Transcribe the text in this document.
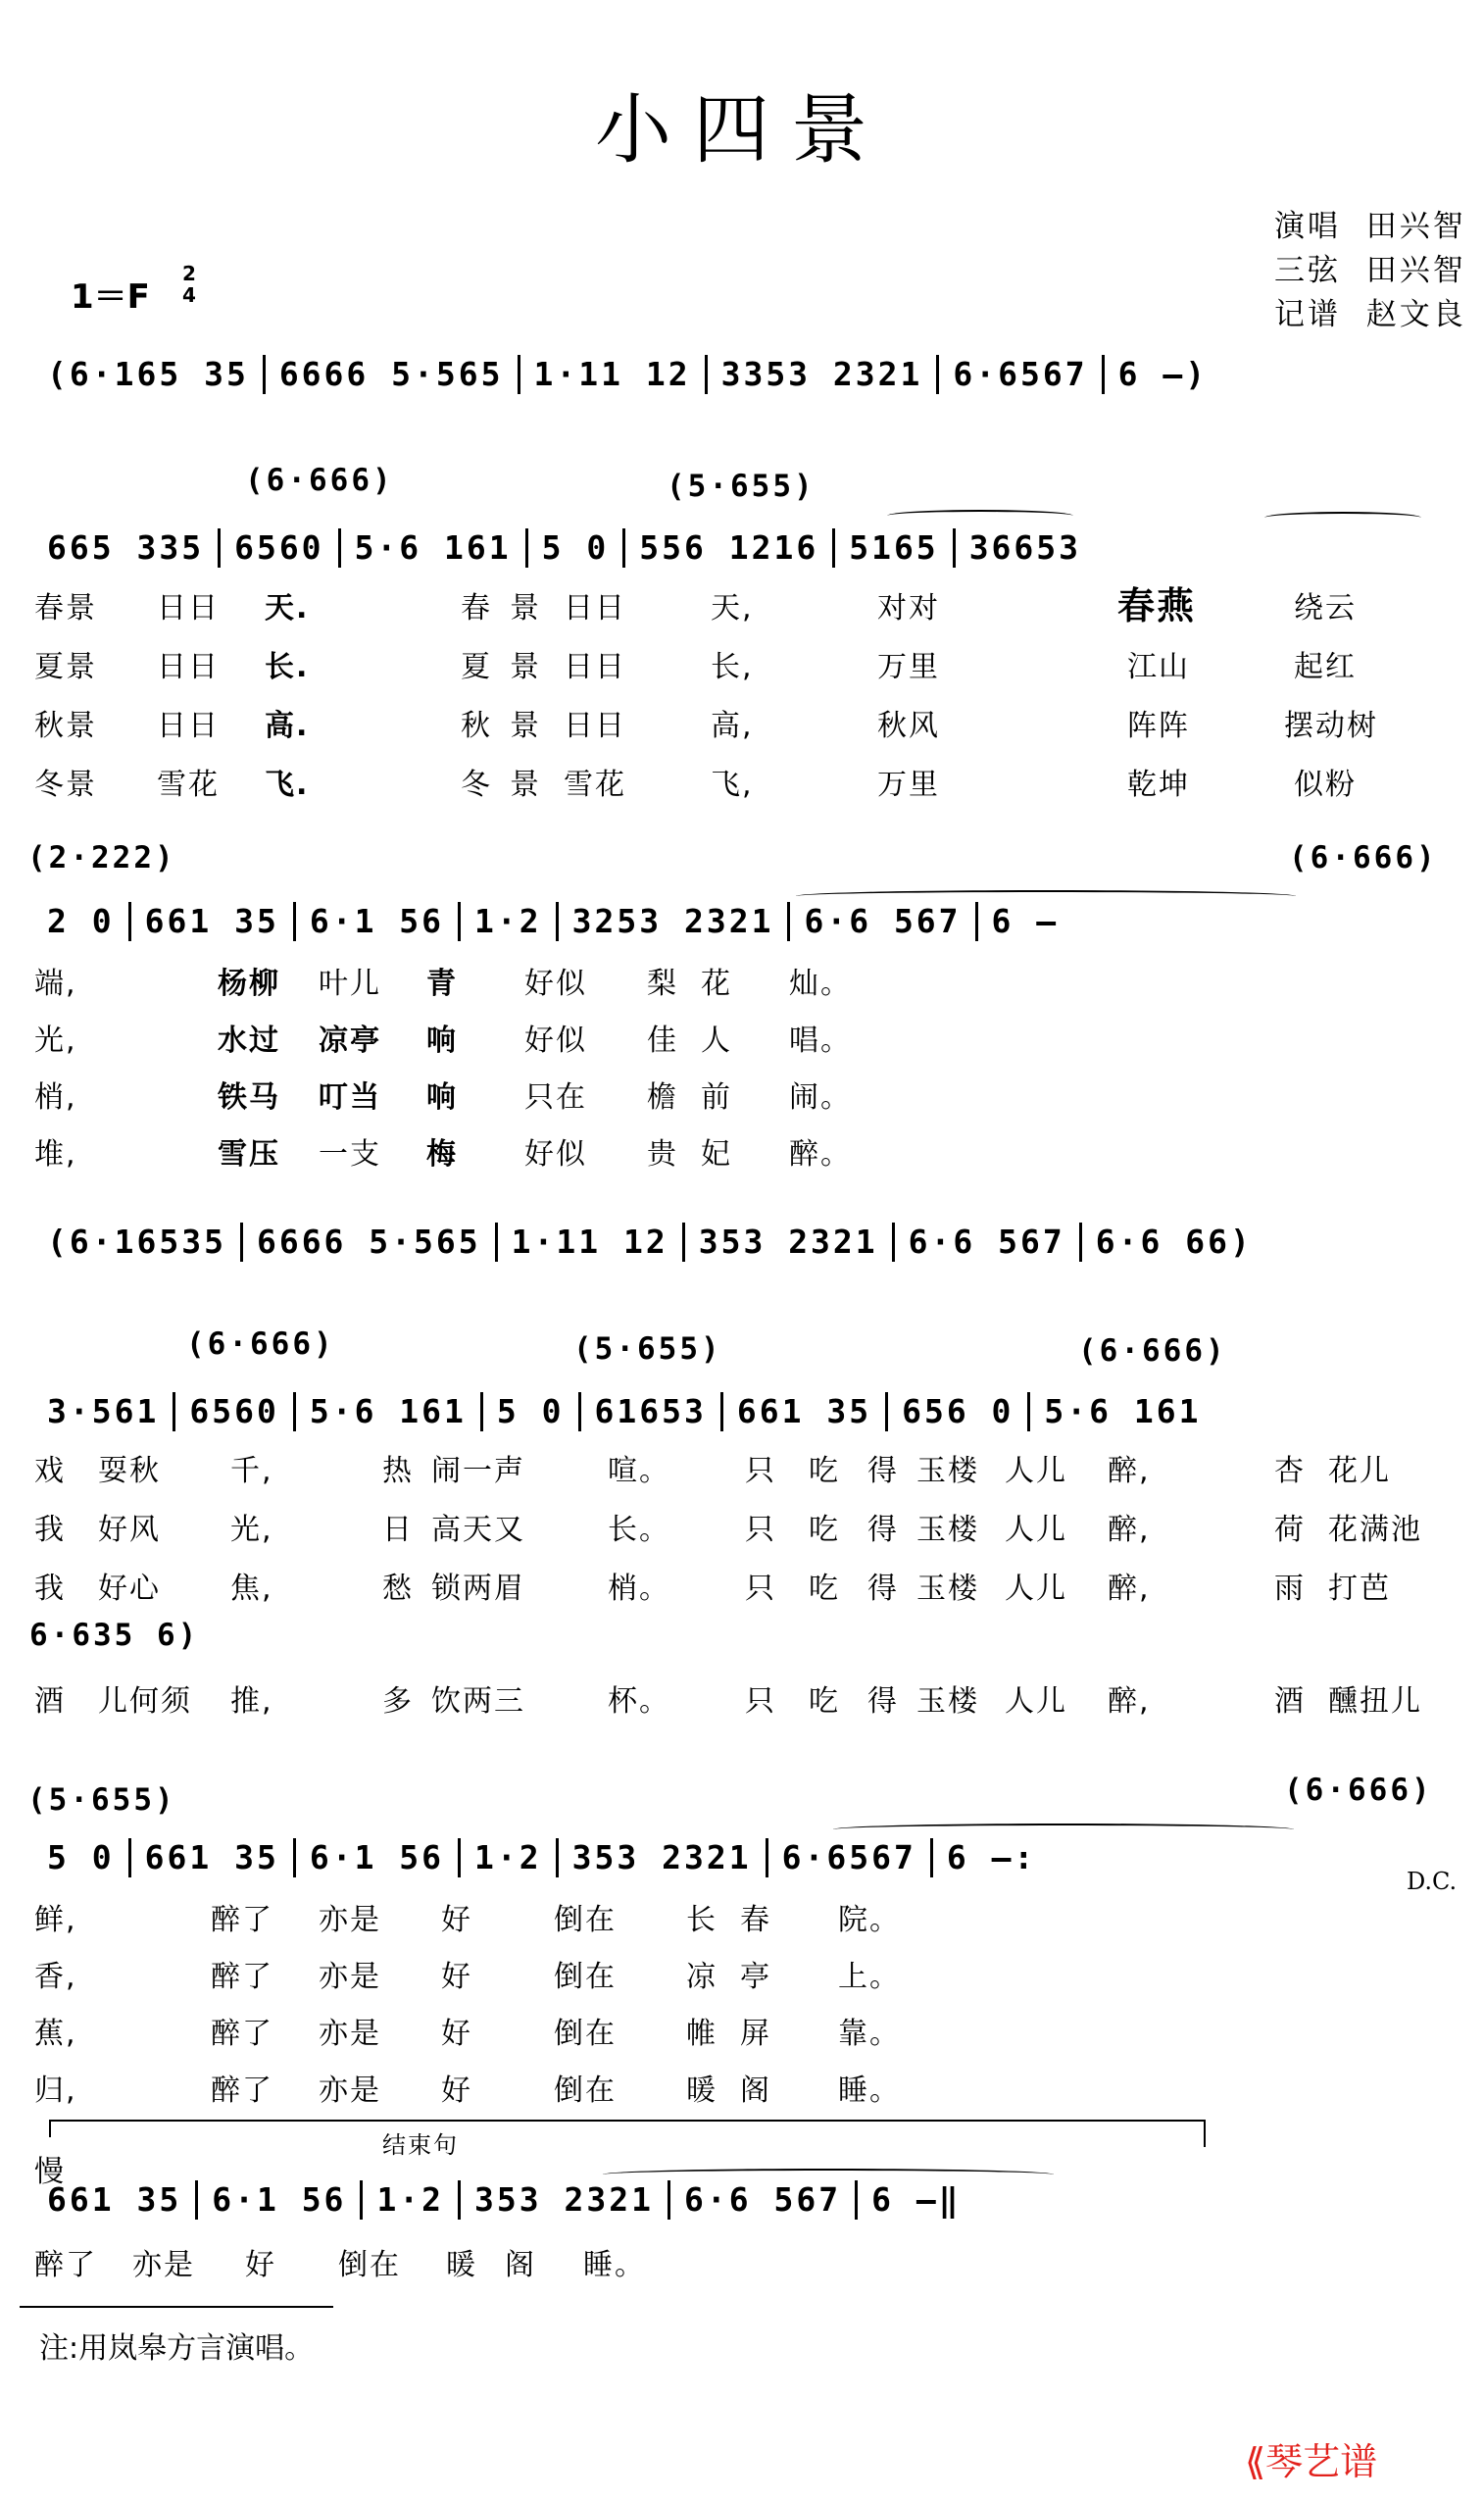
小四景
演唱 田兴智
三弦 田兴智
记谱 赵文良
1＝F
2
4
(6·165 35 6666 5·565 1·11 12 3353 2321 6·6567 6 –)
(6·666)	(5·655)
665 335 6560 5·6 161 5 0 556 1216 5165 36653
春景 日日 天.	春 景 日日	天,	对对	春燕	绕云
夏景 日日 长.	夏 景 日日	长,	万里	江山	起红
秋景 日日 高.	秋 景 日日	高,	秋风	阵阵	摆动树
冬景 雪花 飞.	冬 景 雪花	飞,	万里	乾坤	似粉
(2·222)	(6·666)
2 0 661 35 6·1 56 1·2 3253 2321 6·6 567 6 –
端,	杨柳 叶儿 青 好似 梨 花 灿。
光,	水过 凉亭 响 好似 佳 人 唱。
梢,	铁马 叮当 响 只在 檐 前 闹。
堆,	雪压 一支 梅 好似 贵 妃 醉。
(6·16535 6666 5·565 1·11 12 353 2321 6·6 567 6·6 66)
(6·666)	(5·655)	(6·666)
3·561 6560 5·6 161 5 0 61653 661 35 656 0 5·6 161
戏 耍秋 千,	热 闹一声	喧。	只 吃 得 玉楼 人儿 醉,	杏 花儿
我 好风 光,	日 高天又	长。	只 吃 得 玉楼 人儿 醉,	荷 花满池
我 好心 焦,	愁 锁两眉	梢。	只 吃 得 玉楼 人儿 醉,	雨 打芭
6·635 6)
酒 儿何须 推,	多 饮两三	杯。	只 吃 得 玉楼 人儿 醉,	酒 醺扭儿
(5·655)	(6·666)
5 0 661 35 6·1 56 1·2 353 2321 6·6567 6 –:
D.C.
鲜,	醉了 亦是 好	倒在 长 春 院。
香,	醉了 亦是 好	倒在 凉 亭 上。
蕉,	醉了 亦是 好	倒在 帷 屏 靠。
归,	醉了 亦是 好	倒在 暖 阁 睡。
结束句
慢
661 35 6·1 56 1·2 353 2321 6·6 567 6 –‖
醉了 亦是 好 倒在 暖 阁 睡。
注:用岚皋方言演唱。
⟪琴艺谱
